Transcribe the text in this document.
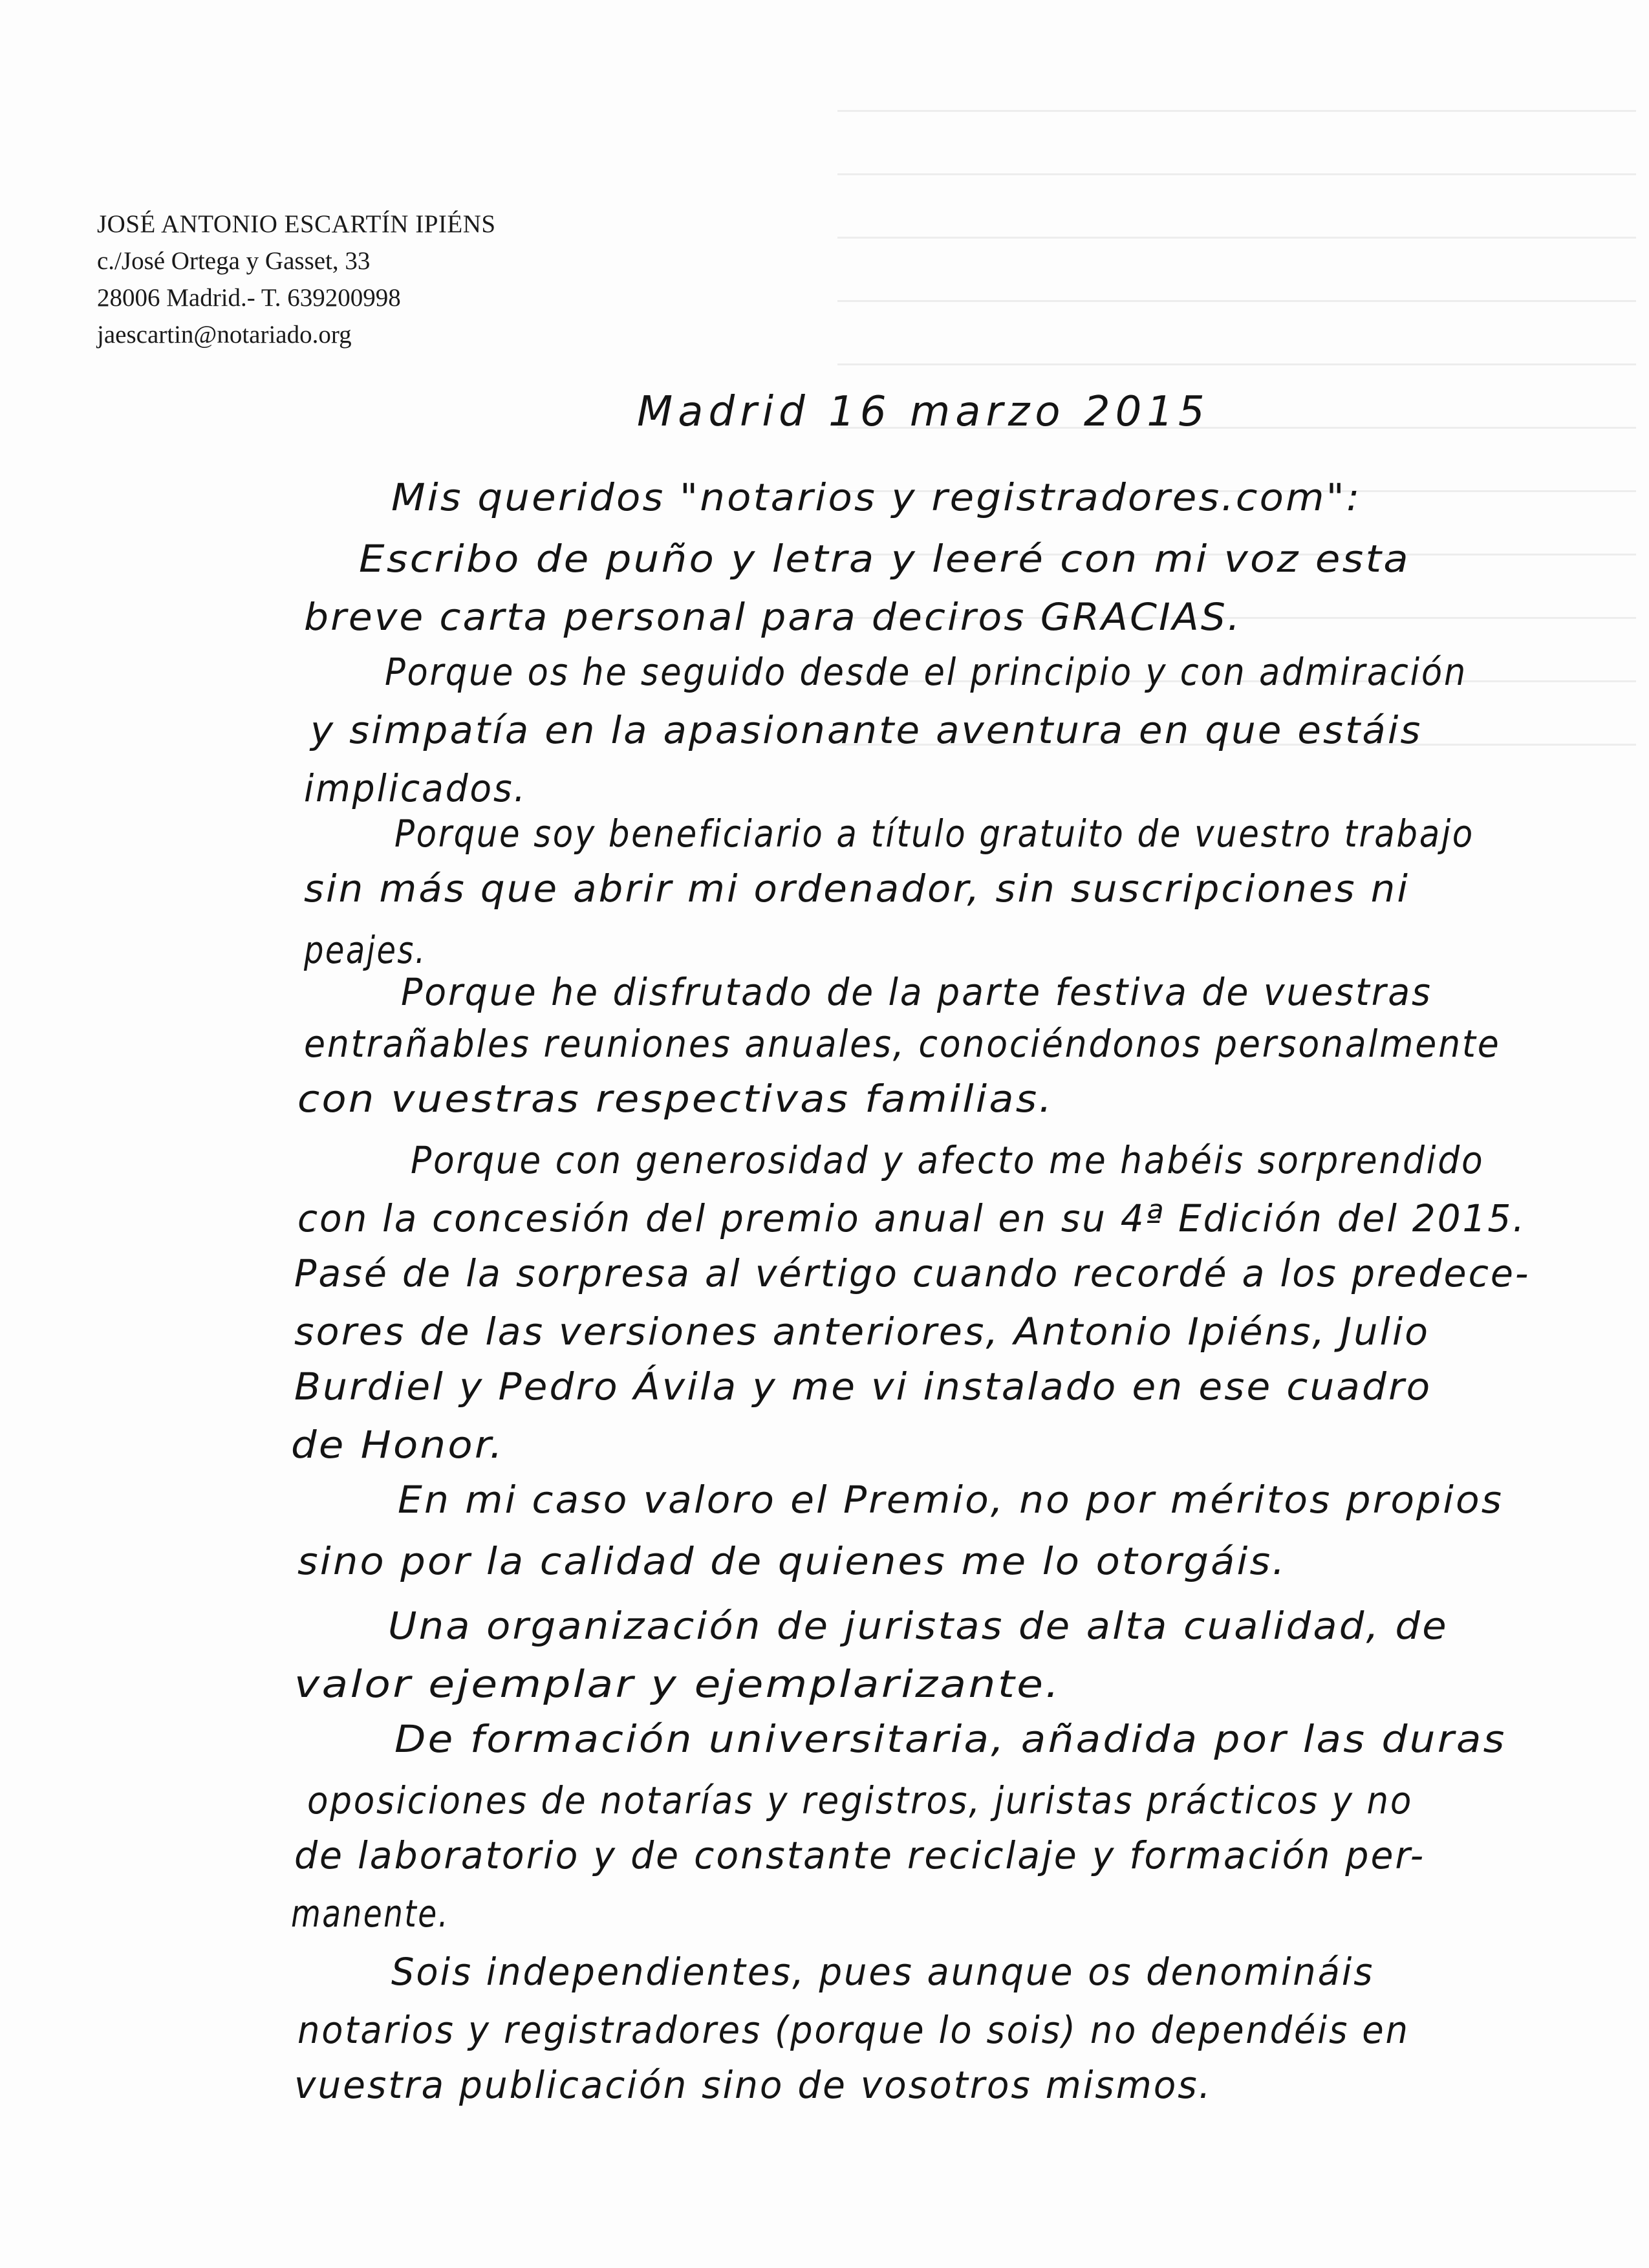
JOSÉ ANTONIO ESCARTÍN IPIÉNS
c./José Ortega y Gasset, 33
28006 Madrid.- T. 639200998
jaescartin@notariado.org
Madrid 16 marzo 2015
Mis queridos "notarios y registradores.com":
Escribo de puño y letra y leeré con mi voz esta
breve carta personal para deciros GRACIAS.
Porque os he seguido desde el principio y con admiración
y simpatía en la apasionante aventura en que estáis
implicados.
Porque soy beneficiario a título gratuito de vuestro trabajo
sin más que abrir mi ordenador, sin suscripciones ni
peajes.
Porque he disfrutado de la parte festiva de vuestras
entrañables reuniones anuales, conociéndonos personalmente
con vuestras respectivas familias.
Porque con generosidad y afecto me habéis sorprendido
con la concesión del premio anual en su 4ª Edición del 2015.
Pasé de la sorpresa al vértigo cuando recordé a los predece-
sores de las versiones anteriores, Antonio Ipiéns, Julio
Burdiel y Pedro Ávila y me vi instalado en ese cuadro
de Honor.
En mi caso valoro el Premio, no por méritos propios
sino por la calidad de quienes me lo otorgáis.
Una organización de juristas de alta cualidad, de
valor ejemplar y ejemplarizante.
De formación universitaria, añadida por las duras
oposiciones de notarías y registros, juristas prácticos y no
de laboratorio y de constante reciclaje y formación per-
manente.
Sois independientes, pues aunque os denomináis
notarios y registradores (porque lo sois) no dependéis en
vuestra publicación sino de vosotros mismos.
